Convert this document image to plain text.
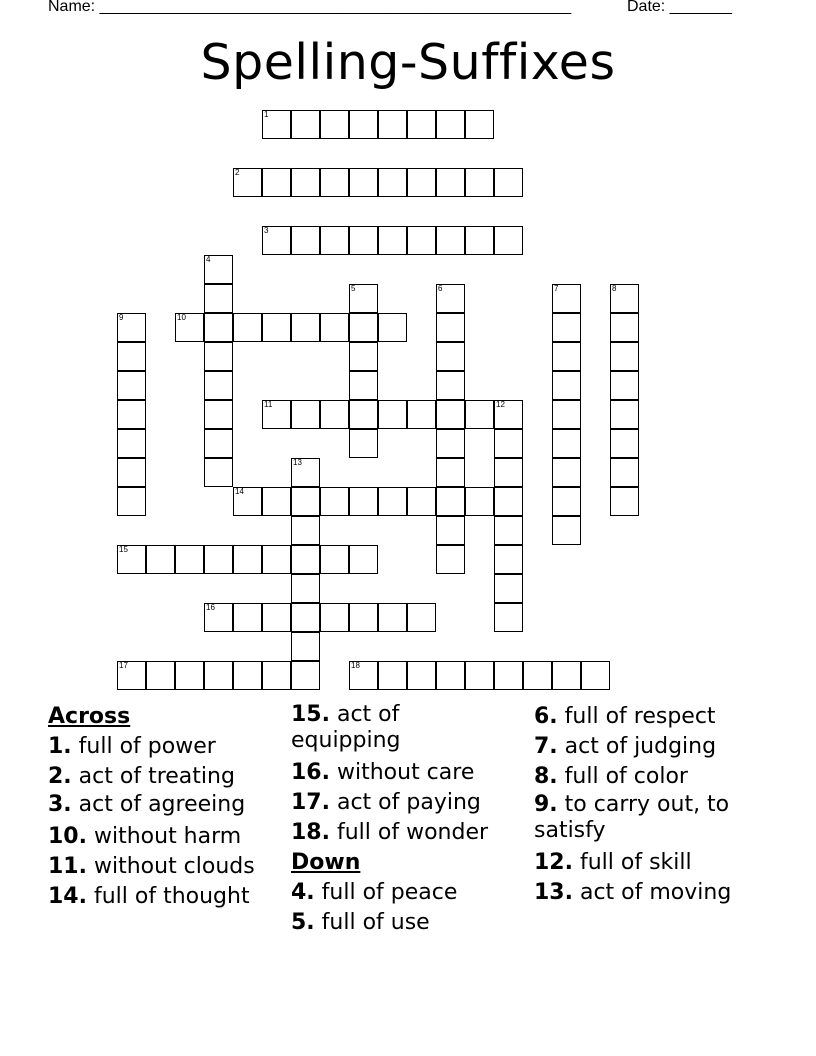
Name: _____________________________________________________	Date: _______
Spelling-Suffixes
1
2
3
4
5	6	7	8
9	10
11	12
13
14
15
16
17	18
Across
1. full of power
2. act of treating
3. act of agreeing
10. without harm
11. without clouds
14. full of thought
15. act of equipping
16. without care
17. act of paying
18. full of wonder
Down
4. full of peace
5. full of use
6. full of respect
7. act of judging
8. full of color
9. to carry out, to satisfy
12. full of skill
13. act of moving
